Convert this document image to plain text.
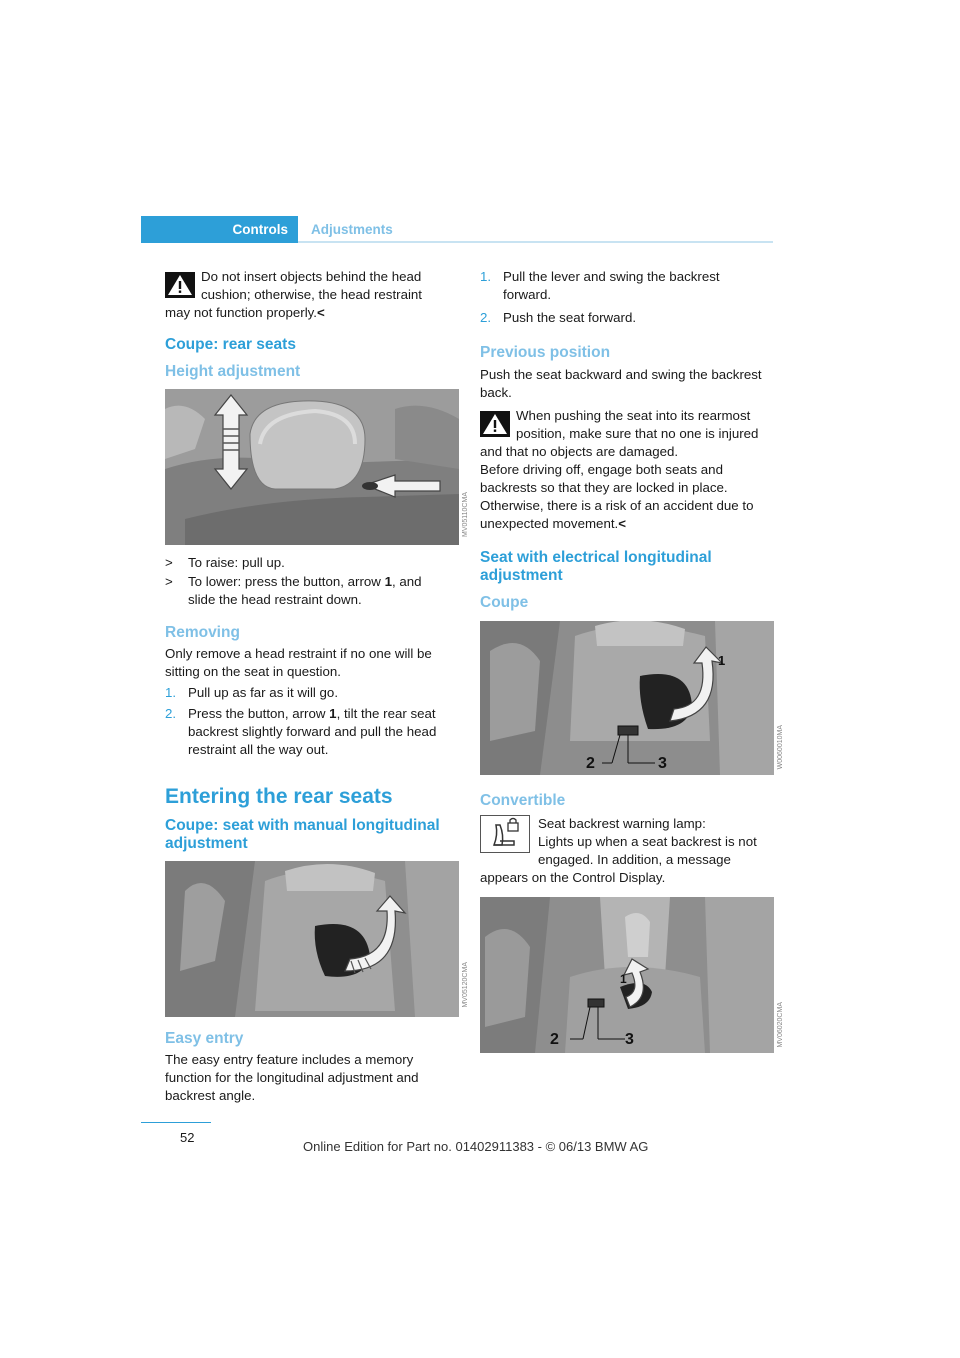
Controls	Adjustments
Do not insert objects behind the head
cushion; otherwise, the head restraint
may not function properly.<
Coupe: rear seats
Height adjustment
MV05110CMA
> To raise: pull up.
> To lower: press the button, arrow 1, and
slide the head restraint down.
Removing
Only remove a head restraint if no one will be
sitting on the seat in question.
1. Pull up as far as it will go.
2. Press the button, arrow 1, tilt the rear seat
backrest slightly forward and pull the head
restraint all the way out.
Entering the rear seats
Coupe: seat with manual longitudinal
adjustment
MV05120CMA
Easy entry
The easy entry feature includes a memory
function for the longitudinal adjustment and
backrest angle.
1. Pull the lever and swing the backrest
forward.
2. Push the seat forward.
Previous position
Push the seat backward and swing the backrest
back.
When pushing the seat into its rearmost
position, make sure that no one is injured
and that no objects are damaged.
Before driving off, engage both seats and
backrests so that they are locked in place.
Otherwise, there is a risk of an accident due to
unexpected movement.<
Seat with electrical longitudinal
adjustment
Coupe
1
2	3	W0060010MA
Convertible
Seat backrest warning lamp:
Lights up when a seat backrest is not
engaged. In addition, a message
appears on the Control Display.
1
2	3	MV06020CMA
52
Online Edition for Part no. 01402911383 - © 06/13 BMW AG
